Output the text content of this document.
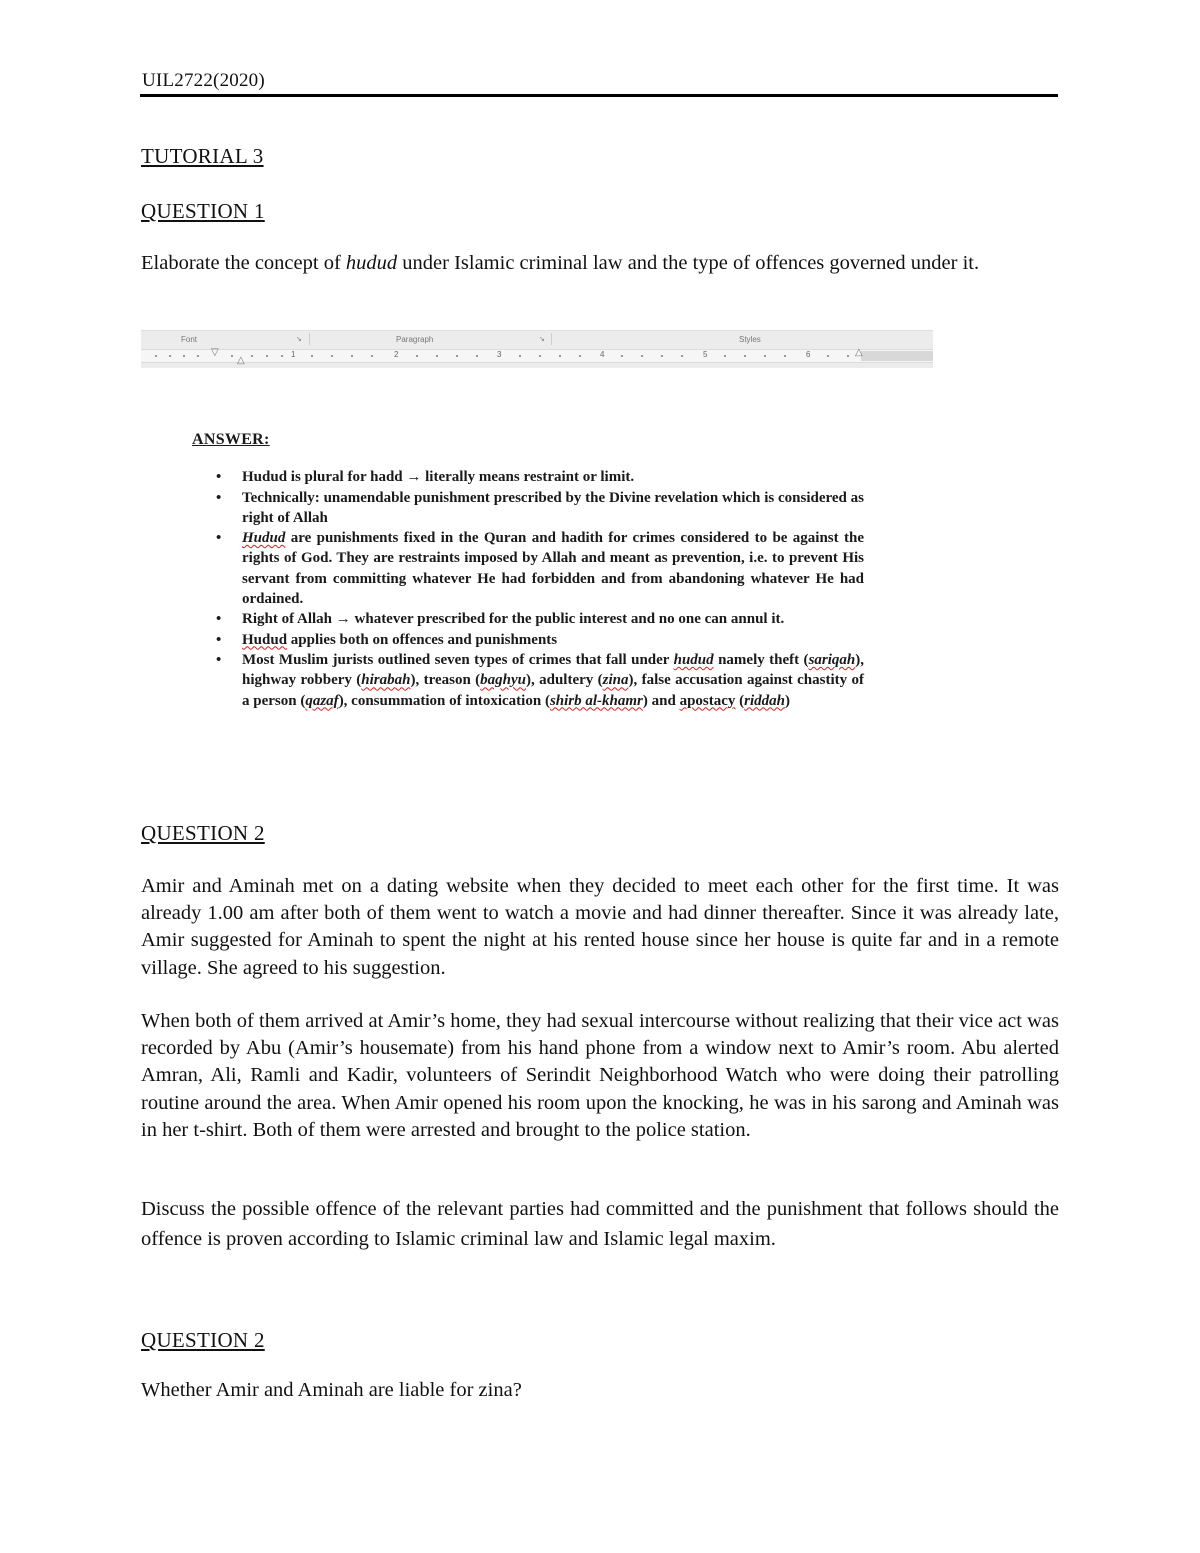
UIL2722(2020)
TUTORIAL 3
QUESTION 1

Elaborate the concept of hudud under Islamic criminal law and the type of offences governed under it.

Font	↘	Paragraph	↘	Styles
1	2	3	4	5	6
▽
△
△
ANSWER:
• Hudud is plural for hadd → literally means restraint or limit.
• Technically: unamendable punishment prescribed by the Divine revelation which is considered as right of Allah
• Hudud are punishments fixed in the Quran and hadith for crimes considered to be against the rights of God. They are restraints imposed by Allah and meant as prevention, i.e. to prevent His servant from committing whatever He had forbidden and from abandoning whatever He had ordained.
• Right of Allah → whatever prescribed for the public interest and no one can annul it.
• Hudud applies both on offences and punishments
• Most Muslim jurists outlined seven types of crimes that fall under hudud namely theft (sariqah), highway robbery (hirabah), treason (baghyu), adultery (zina), false accusation against chastity of a person (qazaf), consummation of intoxication (shirb al-khamr) and apostacy (riddah)
QUESTION 2
Amir and Aminah met on a dating website when they decided to meet each other for the first time. It was already 1.00 am after both of them went to watch a movie and had dinner thereafter. Since it was already late, Amir suggested for Aminah to spent the night at his rented house since her house is quite far and in a remote village. She agreed to his suggestion.
When both of them arrived at Amir’s home, they had sexual intercourse without realizing that their vice act was recorded by Abu (Amir’s housemate) from his hand phone from a window next to Amir’s room. Abu alerted Amran, Ali, Ramli and Kadir, volunteers of Serindit Neighborhood Watch who were doing their patrolling routine around the area. When Amir opened his room upon the knocking, he was in his sarong and Aminah was in her t-shirt. Both of them were arrested and brought to the police station.
Discuss the possible offence of the relevant parties had committed and the punishment that follows should the offence is proven according to Islamic criminal law and Islamic legal maxim.
QUESTION 2
Whether Amir and Aminah are liable for zina?
